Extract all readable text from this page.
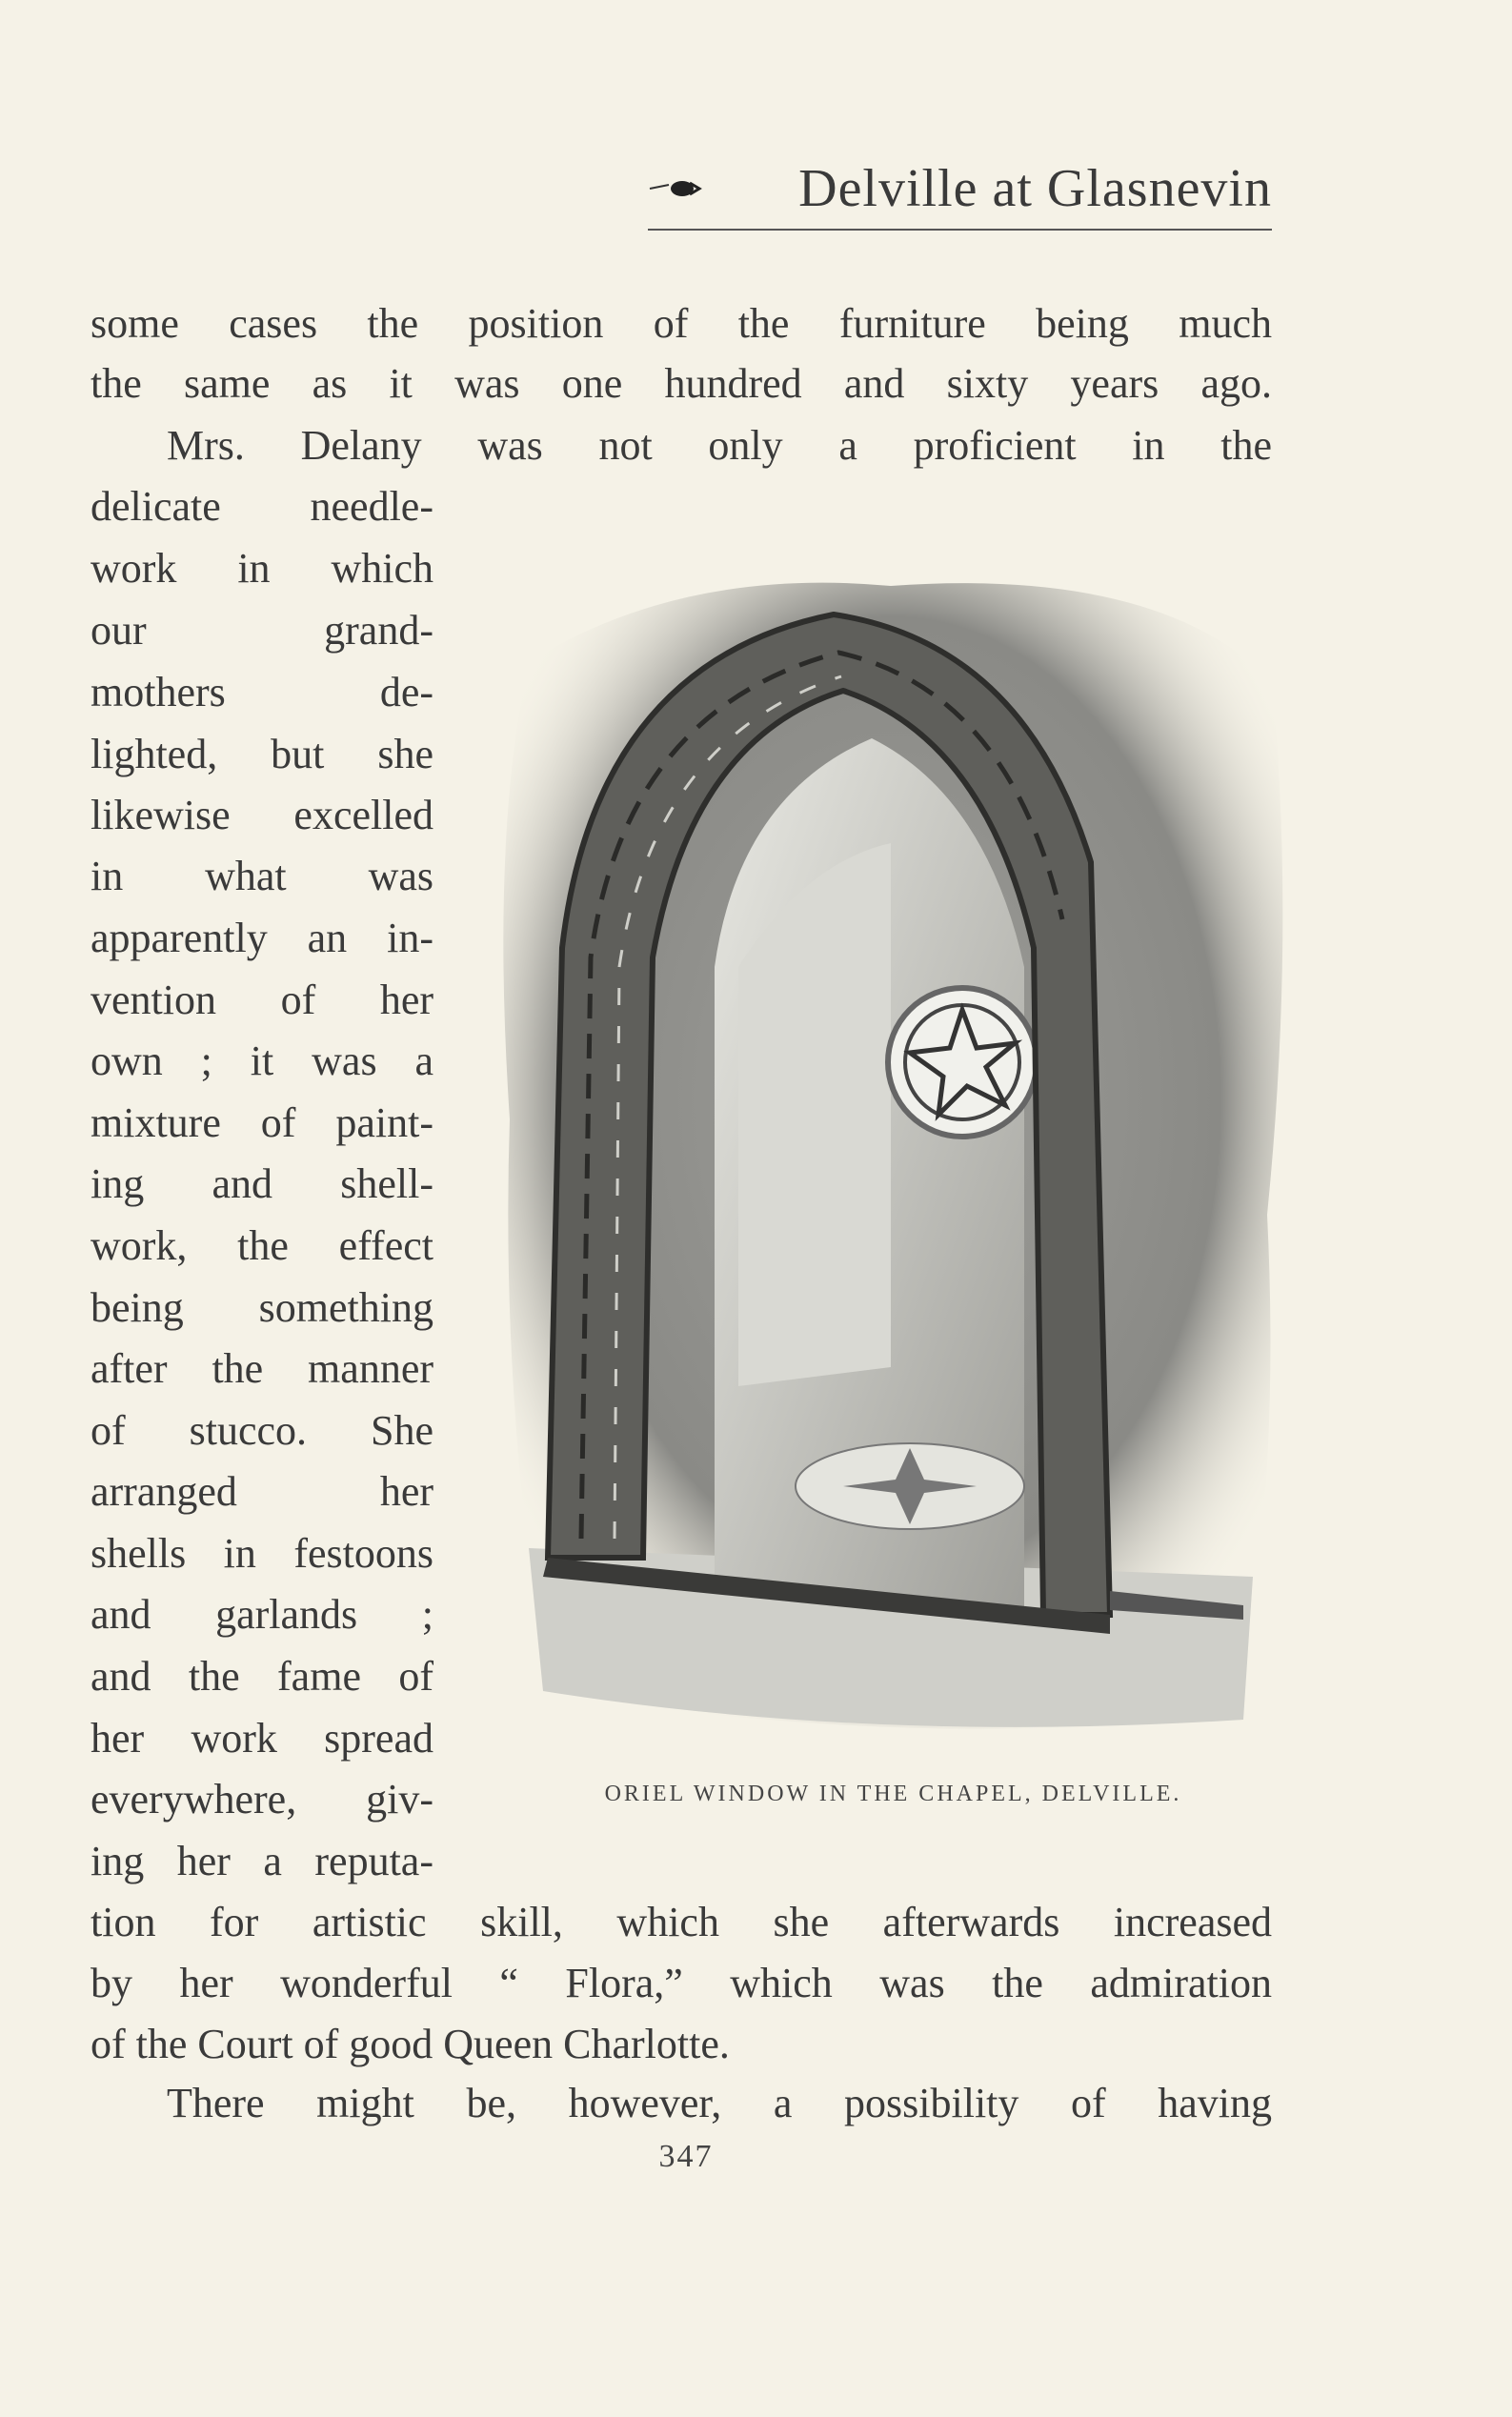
Delville at Glasnevin
some cases the position of the furniture being much
the same as it was one hundred and sixty years ago.
Mrs. Delany was not only a proficient in the
delicate needle-
work in which
our grand-
mothers de-
lighted, but she
likewise excelled
in what was
apparently an in-
vention of her
own ; it was a
mixture of paint-
ing and shell-
work, the effect
being something
after the manner
of stucco. She
arranged her
shells in festoons
and garlands ;
and the fame of
her work spread
everywhere, giv-
ing her a reputa-
tion for artistic skill, which she afterwards increased
by her wonderful “ Flora,” which was the admiration
of the Court of good Queen Charlotte.
There might be, however, a possibility of having
ORIEL WINDOW IN THE CHAPEL, DELVILLE.
347
